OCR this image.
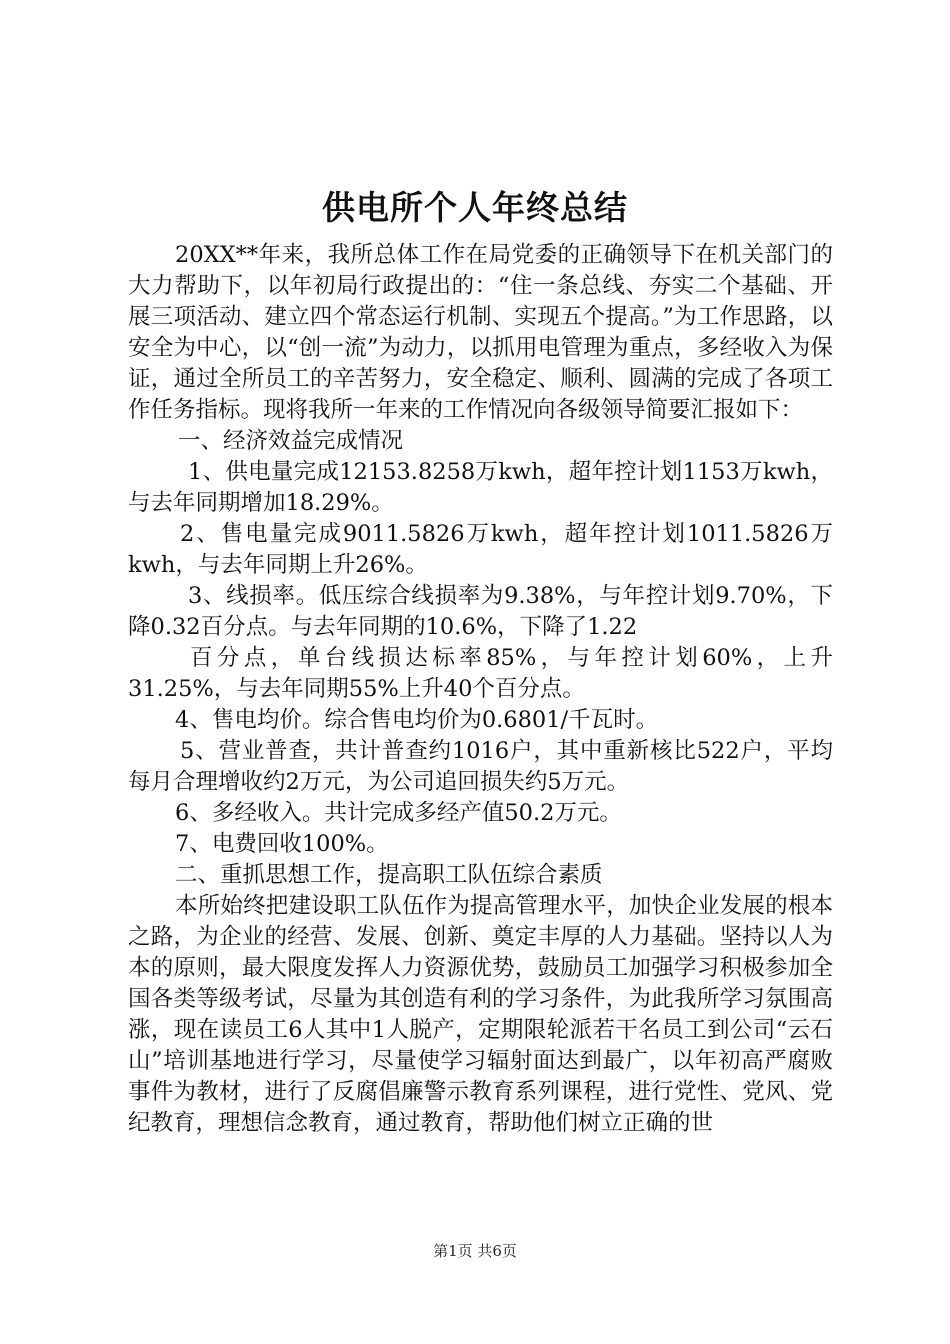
供电所个人年终总结

20XX**年来，我所总体工作在局党委的正确领导下在机关部门的大力帮助下，以年初局行政提出的：“住一条总线、夯实二个基础、开展三项活动、建立四个常态运行机制、实现五个提高。”为工作思路，以安全为中心，以“创一流”为动力，以抓用电管理为重点，多经收入为保证，通过全所员工的辛苦努力，安全稳定、顺利、圆满的完成了各项工作任务指标。现将我所一年来的工作情况向各级领导简要汇报如下：

一、经济效益完成情况

1、供电量完成12153.8258万kwh，超年控计划1153万kwh，与去年同期增加18.29%。

2、售电量完成9011.5826万kwh，超年控计划1011.5826万kwh，与去年同期上升26%。

3、线损率。低压综合线损率为9.38%，与年控计划9.70%，下降0.32百分点。与去年同期的10.6%，下降了1.22

百分点，单台线损达标率85%，与年控计划60%，上升31.25%，与去年同期55%上升40个百分点。

4、售电均价。综合售电均价为0.6801/千瓦时。

5、营业普查，共计普查约1016户，其中重新核比522户，平均每月合理增收约2万元，为公司追回损失约5万元。

6、多经收入。共计完成多经产值50.2万元。

7、电费回收100%。

二、重抓思想工作，提高职工队伍综合素质

本所始终把建设职工队伍作为提高管理水平，加快企业发展的根本之路，为企业的经营、发展、创新、奠定丰厚的人力基础。坚持以人为本的原则，最大限度发挥人力资源优势，鼓励员工加强学习积极参加全国各类等级考试，尽量为其创造有利的学习条件，为此我所学习氛围高涨，现在读员工6人其中1人脱产，定期限轮派若干名员工到公司“云石山”培训基地进行学习，尽量使学习辐射面达到最广，以年初高严腐败事件为教材，进行了反腐倡廉警示教育系列课程，进行党性、党风、党纪教育，理想信念教育，通过教育，帮助他们树立正确的世

第1页 共6页
